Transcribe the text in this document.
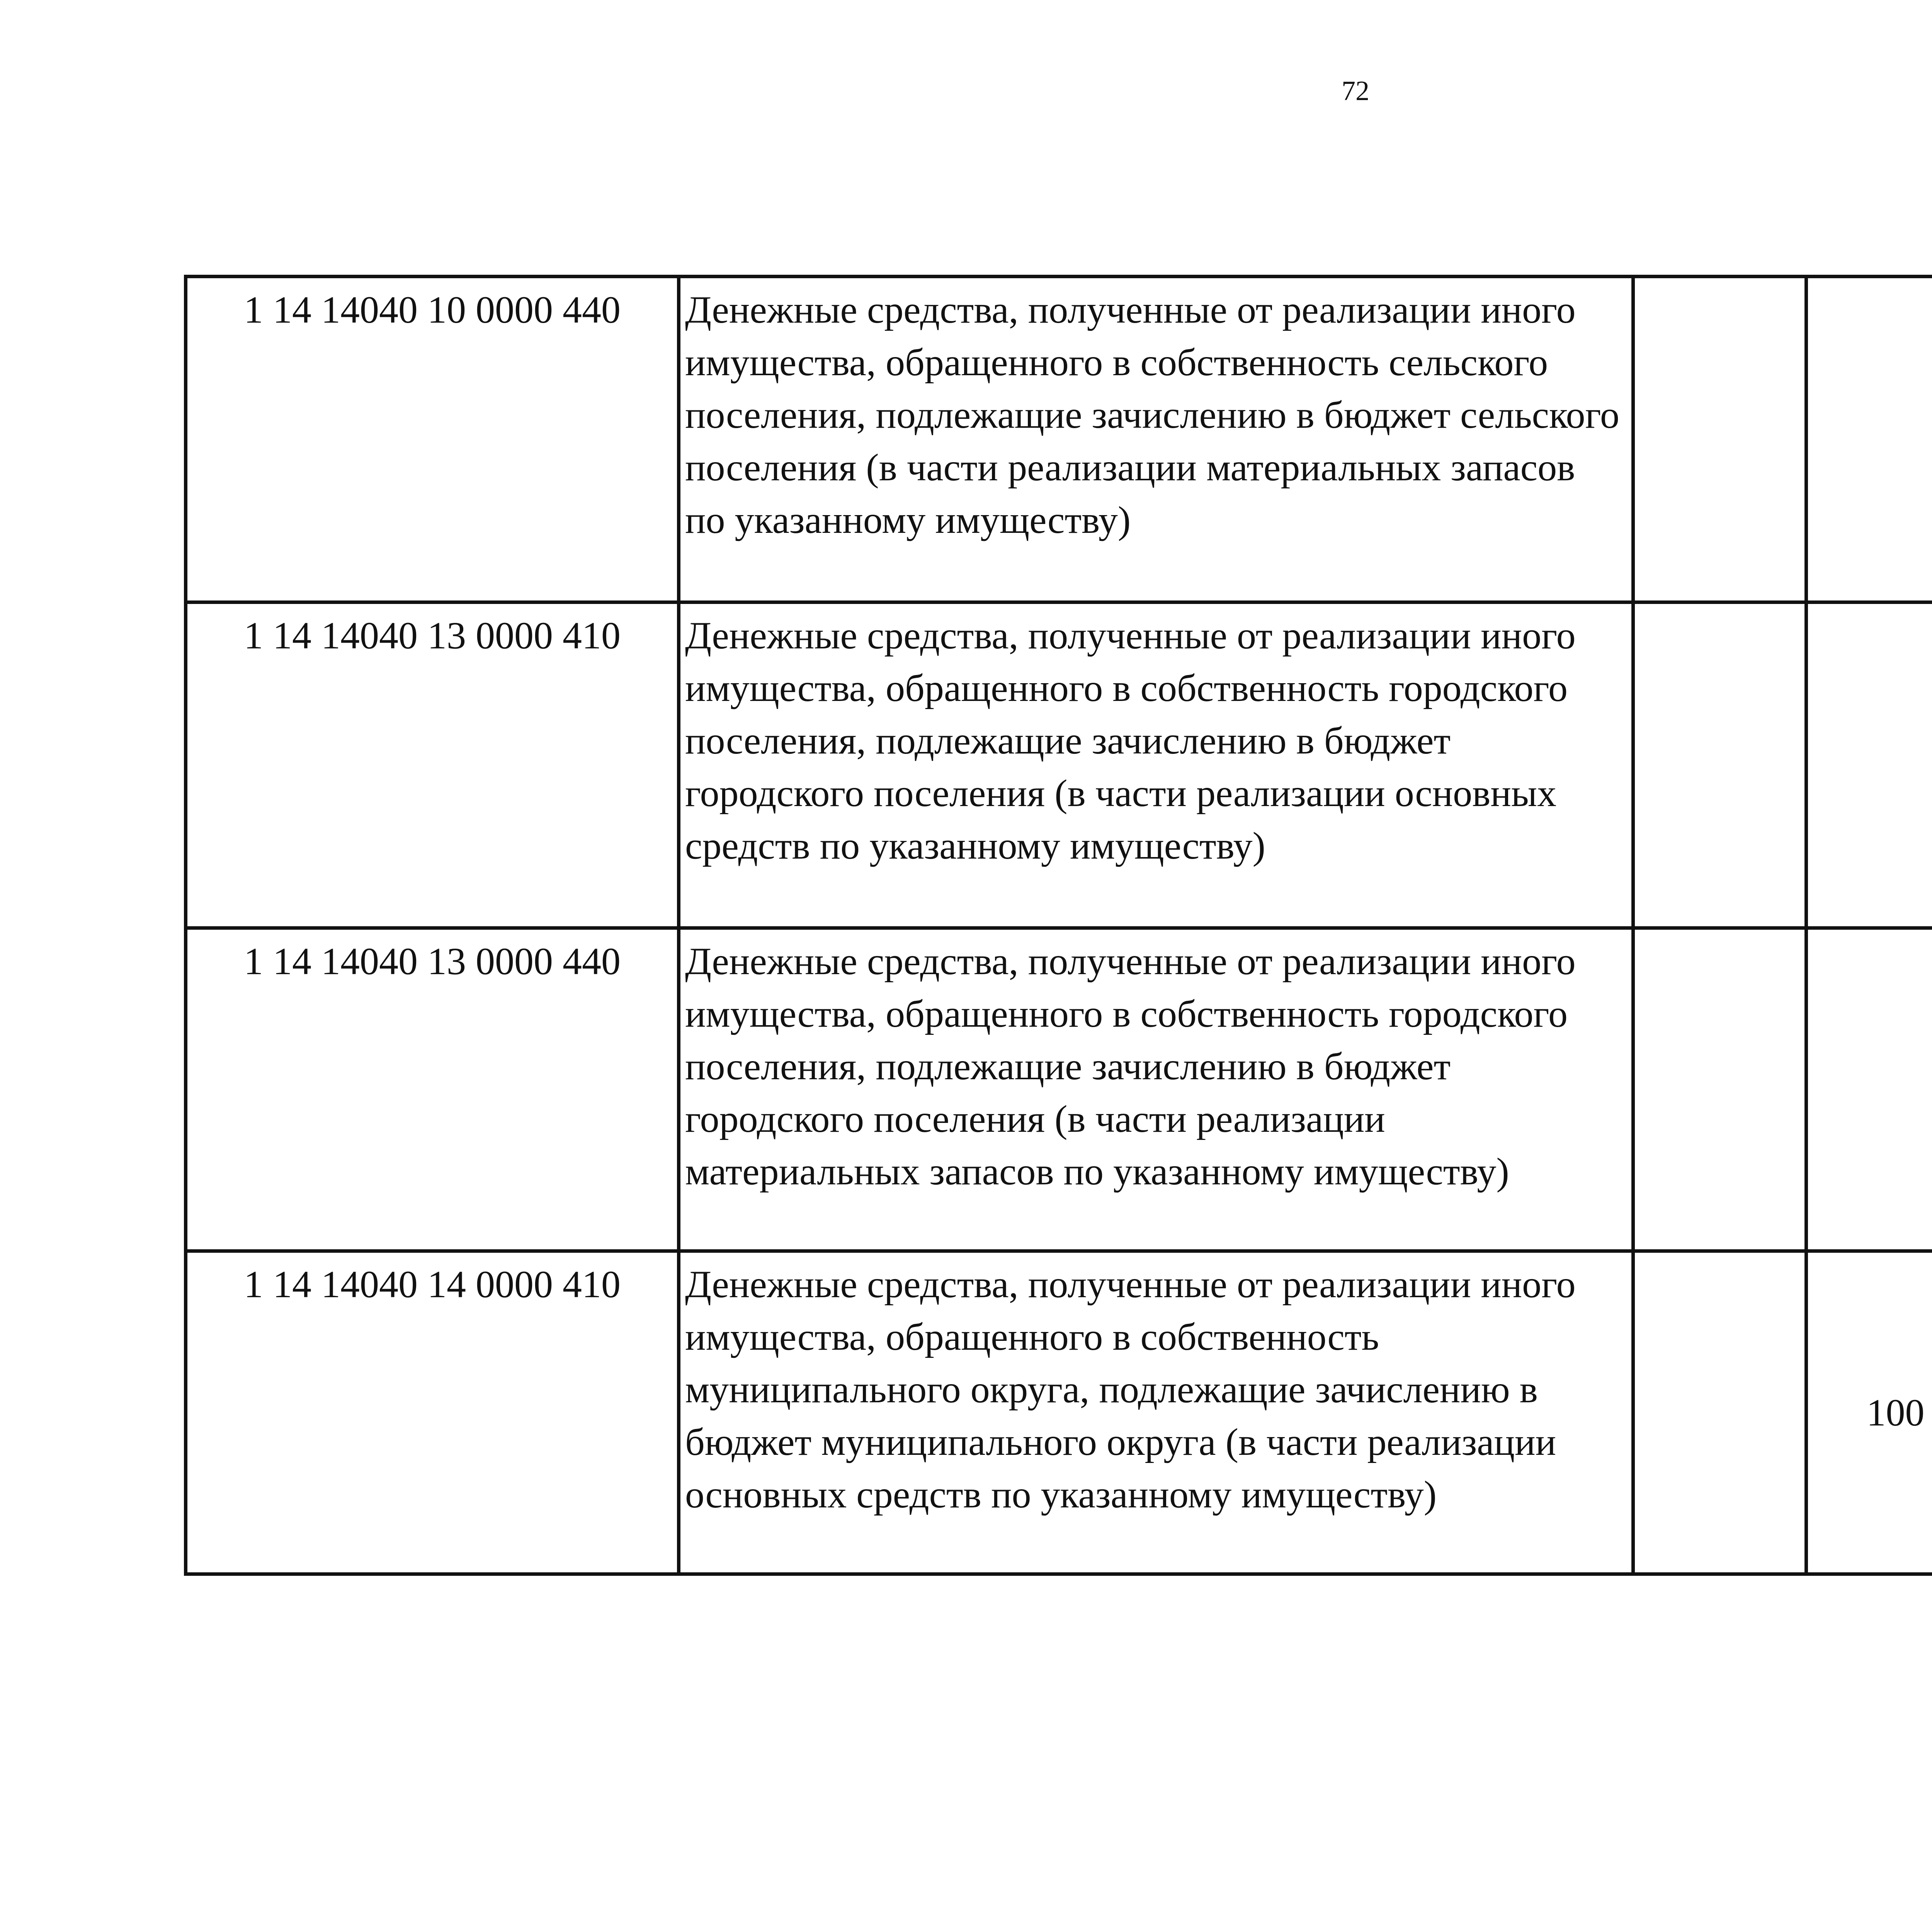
72
1 14 14040 10 0000 440	Денежные средства, полученные от реализации иного имущества, обращенного в собственность сельского поселения, подлежащие зачислению в бюджет сельского поселения (в части реализации материальных запасов по указанному имуществу)					
1 14 14040 13 0000 410	Денежные средства, полученные от реализации иного имущества, обращенного в собственность городского поселения, подлежащие зачислению в бюджет городского поселения (в части реализации основных средств по указанному имуществу)					
1 14 14040 13 0000 440	Денежные средства, полученные от реализации иного имущества, обращенного в собственность городского поселения, подлежащие зачислению в бюджет городского поселения (в части реализации материальных запасов по указанному имуществу)					
1 14 14040 14 0000 410	Денежные средства, полученные от реализации иного имущества, обращенного в собственность муниципального округа, подлежащие зачислению в бюджет муниципального округа (в части реализации основных средств по указанному имуществу)		100			
